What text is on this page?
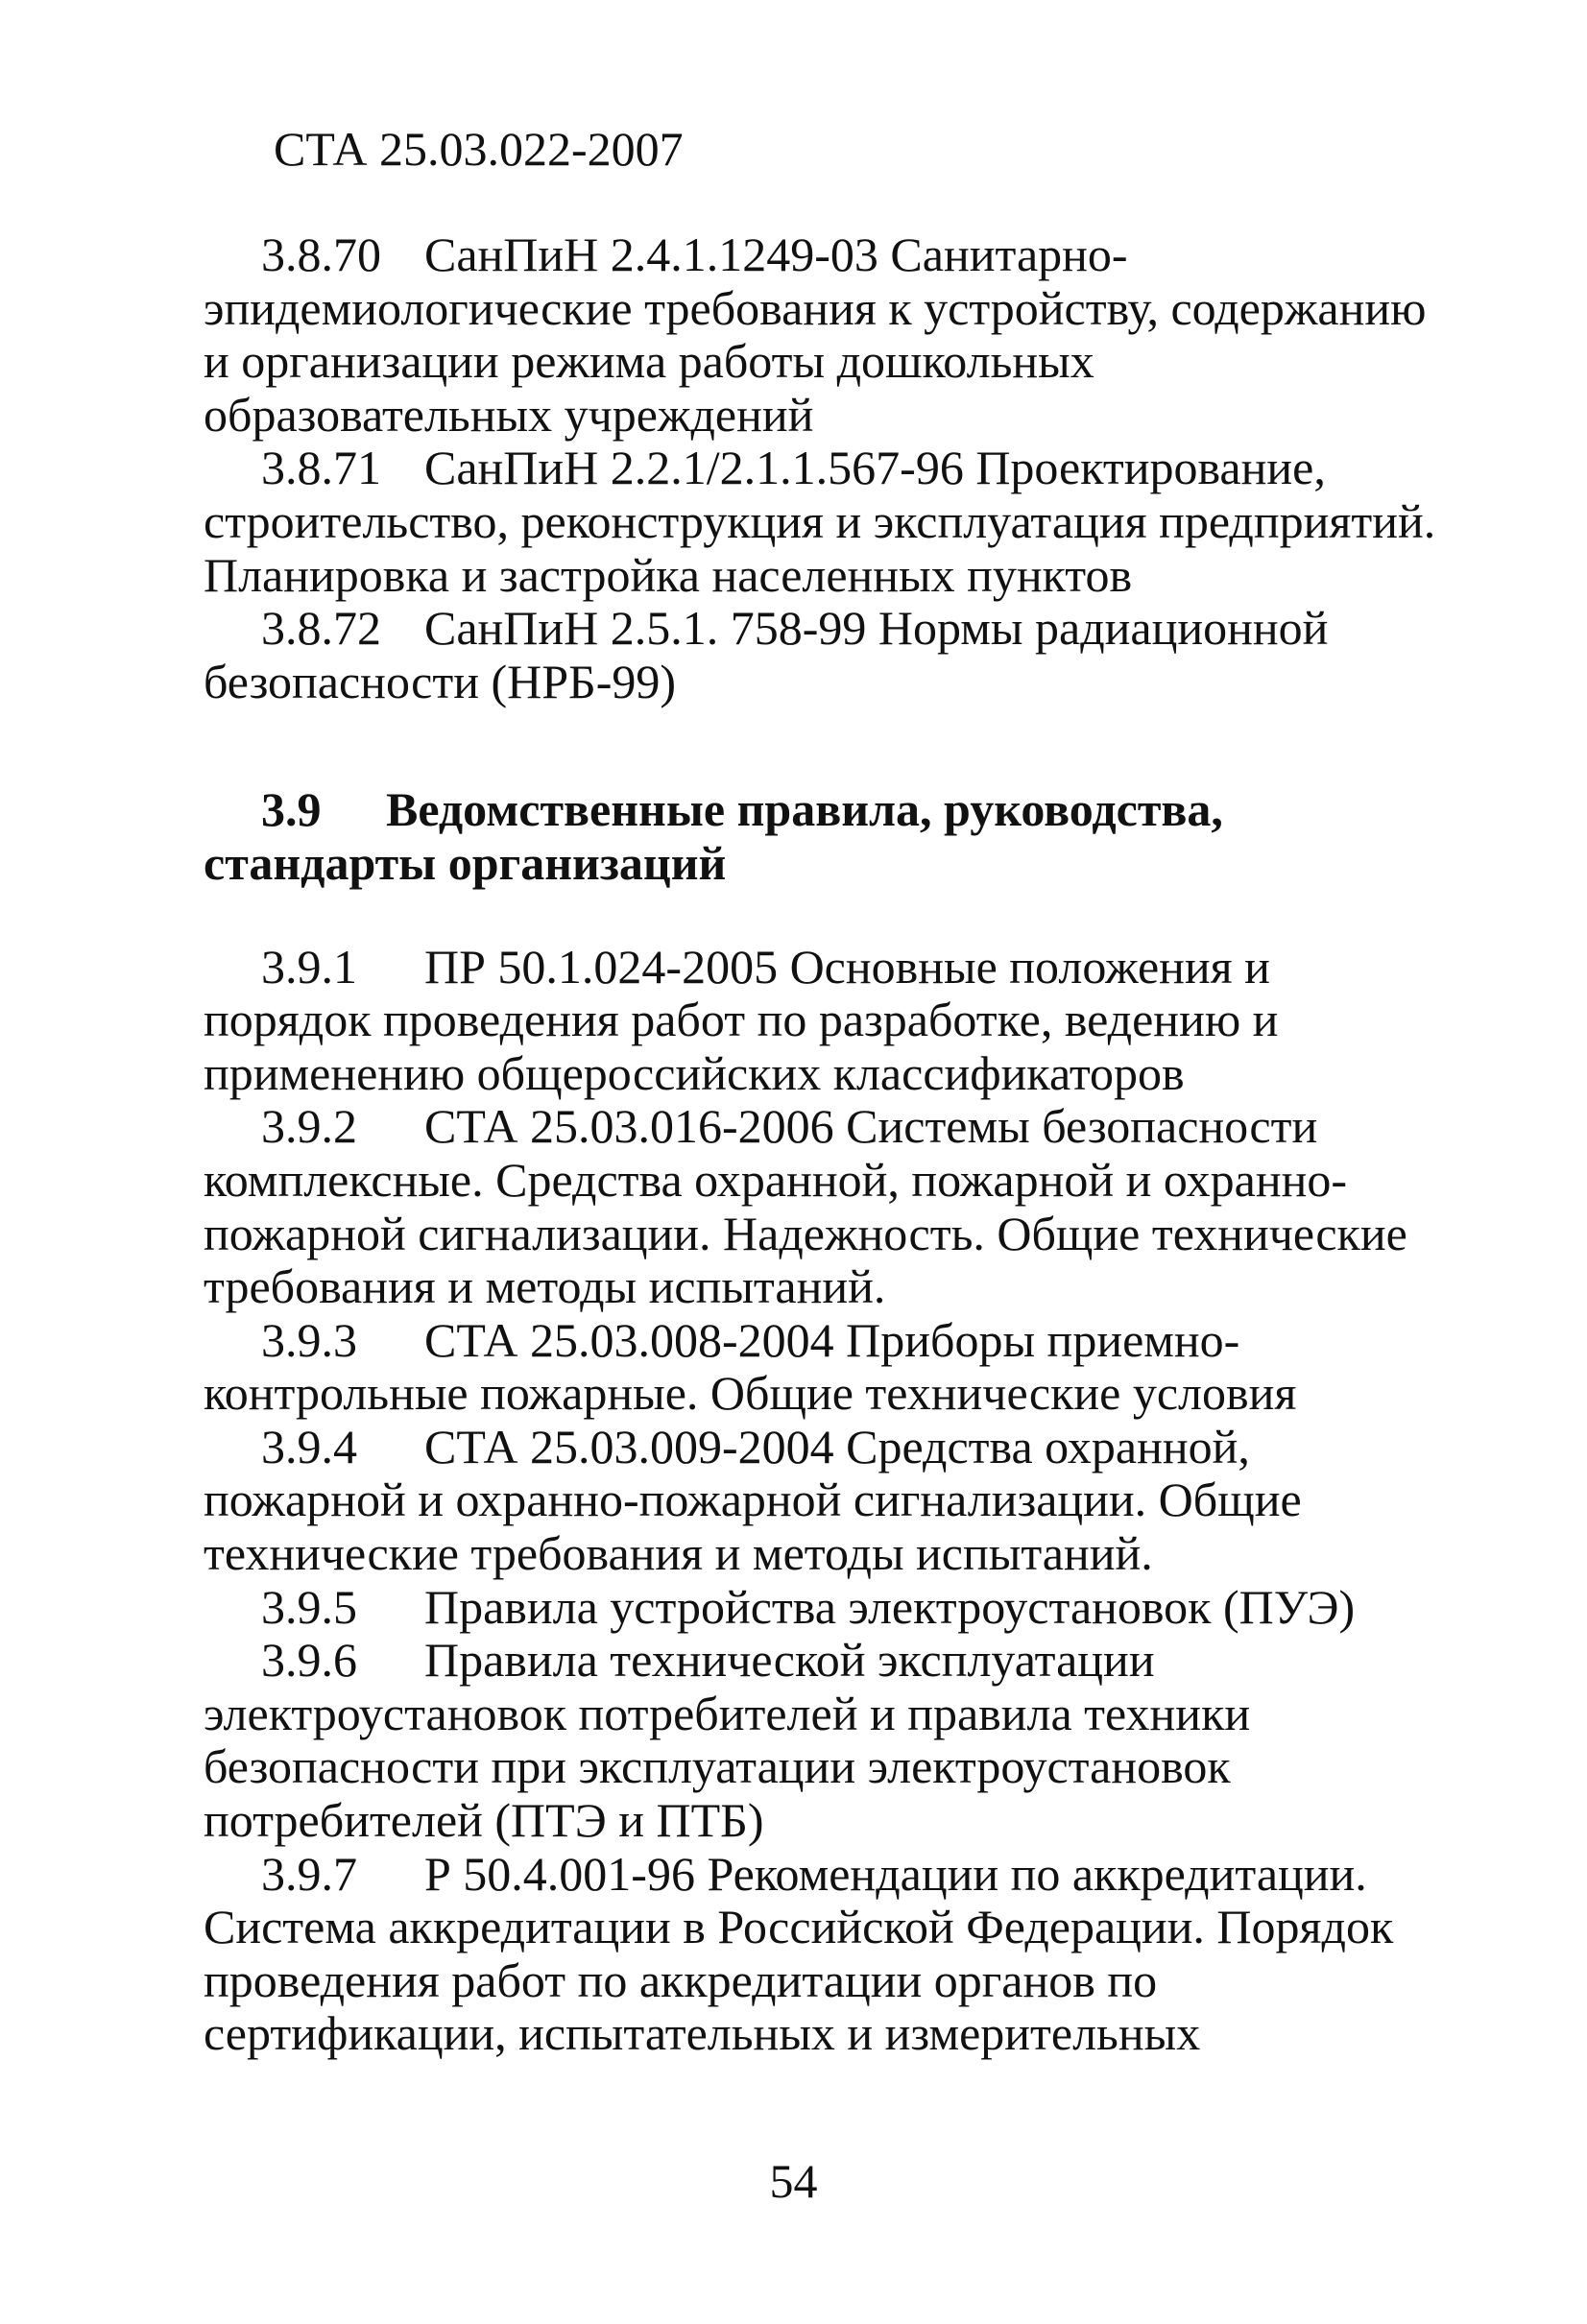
СТА 25.03.022-2007

3.8.70 СанПиН 2.4.1.1249-03 Санитарно-эпидемиологические требования к устройству, содержанию и организации режима работы дошкольных образовательных учреждений

3.8.71 СанПиН 2.2.1/2.1.1.567-96 Проектирование, строительство, реконструкция и эксплуатация предприятий. Планировка и застройка населенных пунктов

3.8.72 СанПиН 2.5.1. 758-99 Нормы радиационной безопасности (НРБ-99)

3.9 Ведомственные правила, руководства, стандарты организаций

3.9.1 ПР 50.1.024-2005 Основные положения и порядок проведения работ по разработке, ведению и применению общероссийских классификаторов

3.9.2 СТА 25.03.016-2006 Системы безопасности комплексные. Средства охранной, пожарной и охранно-пожарной сигнализации. Надежность. Общие технические требования и методы испытаний.

3.9.3 СТА 25.03.008-2004 Приборы приемно-контрольные пожарные. Общие технические условия

3.9.4 СТА 25.03.009-2004 Средства охранной, пожарной и охранно-пожарной сигнализации. Общие технические требования и методы испытаний.

3.9.5 Правила устройства электроустановок (ПУЭ)

3.9.6 Правила технической эксплуатации электроустановок потребителей и правила техники безопасности при эксплуатации электроустановок потребителей (ПТЭ и ПТБ)

3.9.7 Р 50.4.001-96 Рекомендации по аккредитации. Система аккредитации в Российской Федерации. Порядок проведения работ по аккредитации органов по сертификации, испытательных и измерительных

54
